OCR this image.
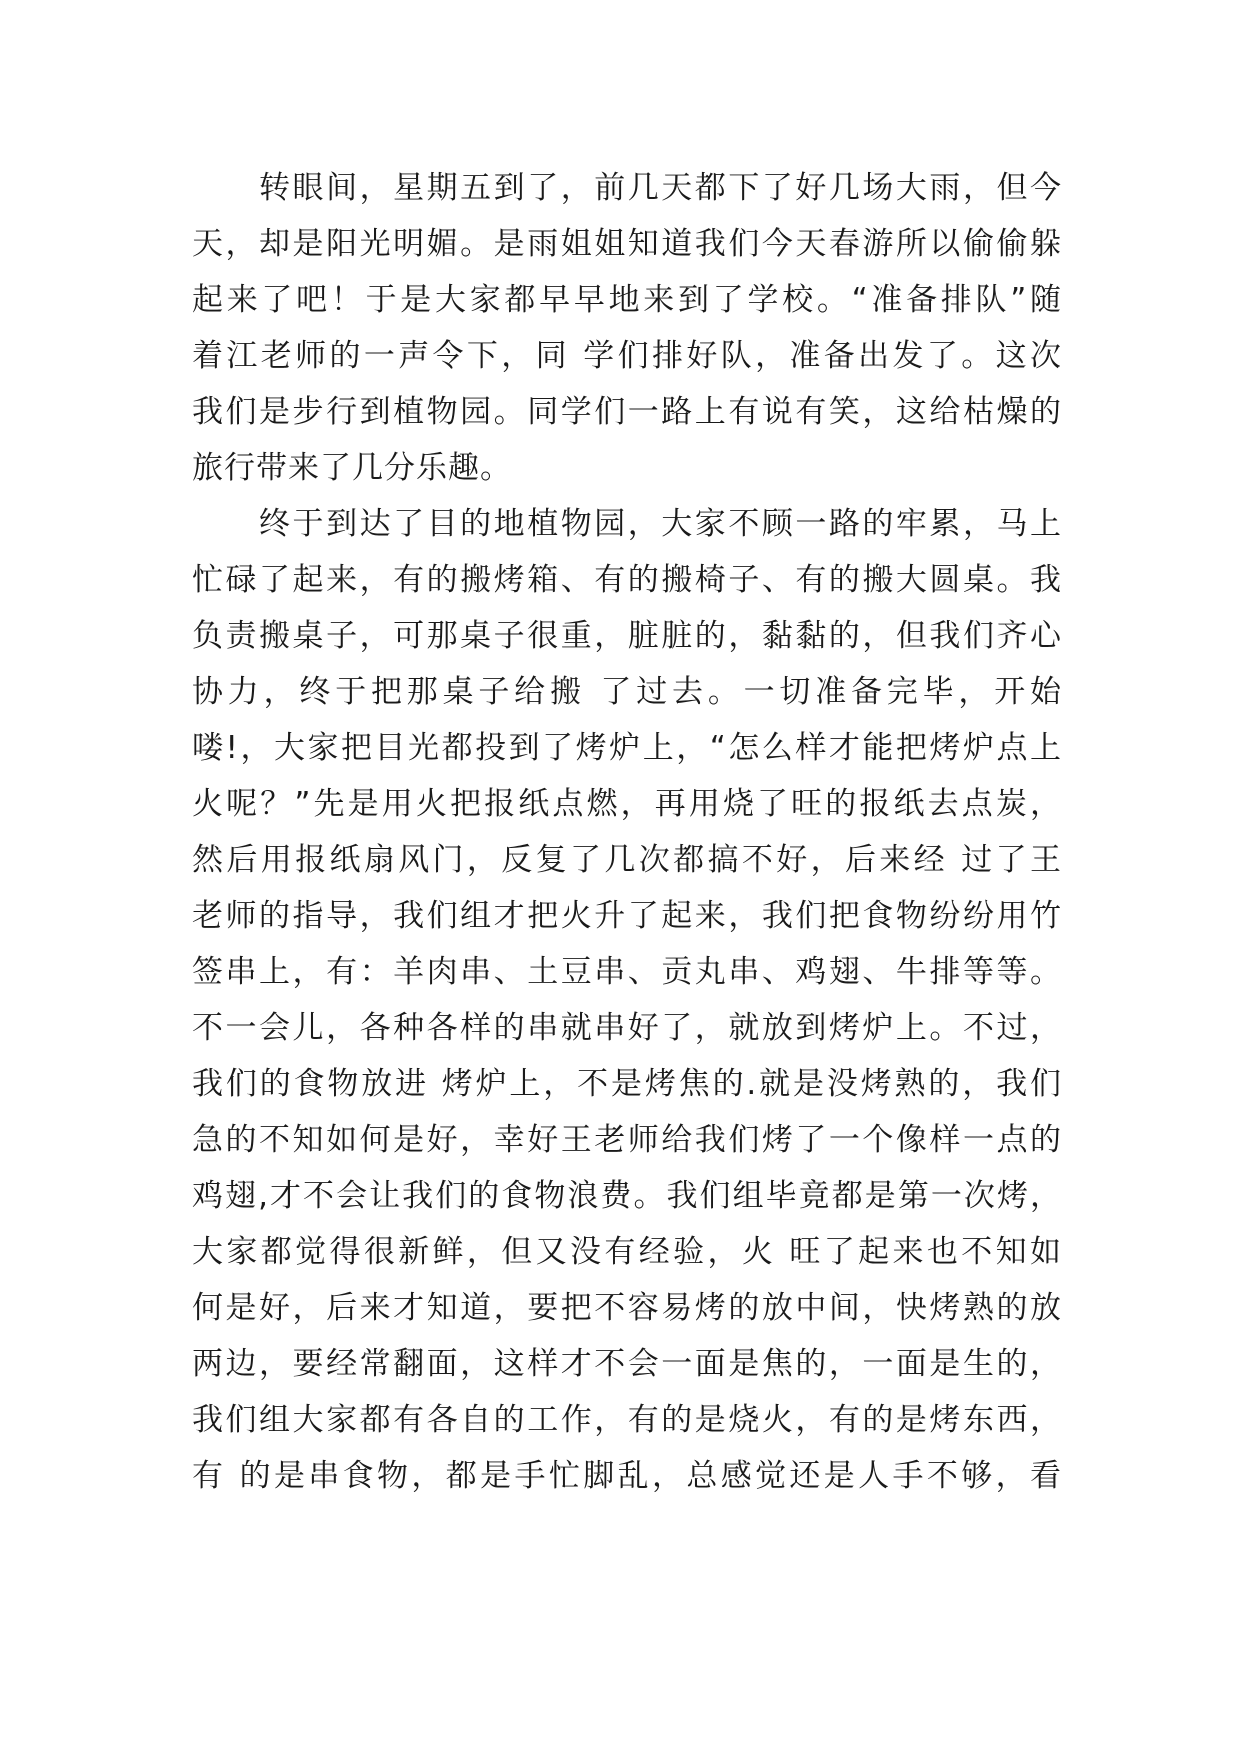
　　转眼间，星期五到了，前几天都下了好几场大雨，但今
天，却是阳光明媚。是雨姐姐知道我们今天春游所以偷偷躲
起来了吧！于是大家都早早地来到了学校。“准备排队”随
着江老师的一声令下，同 学们排好队，准备出发了。这次
我们是步行到植物园。同学们一路上有说有笑，这给枯燥的
旅行带来了几分乐趣。
　　终于到达了目的地植物园，大家不顾一路的牢累，马上
忙碌了起来，有的搬烤箱、有的搬椅子、有的搬大圆桌。我
负责搬桌子，可那桌子很重，脏脏的，黏黏的，但我们齐心
协力，终于把那桌子给搬 了过去。一切准备完毕，开始
喽!，大家把目光都投到了烤炉上，“怎么样才能把烤炉点上
火呢？”先是用火把报纸点燃，再用烧了旺的报纸去点炭，
然后用报纸扇风门，反复了几次都搞不好，后来经 过了王
老师的指导，我们组才把火升了起来，我们把食物纷纷用竹
签串上，有：羊肉串、土豆串、贡丸串、鸡翅、牛排等等。
不一会儿，各种各样的串就串好了，就放到烤炉上。不过，
我们的食物放进 烤炉上，不是烤焦的.就是没烤熟的，我们
急的不知如何是好，幸好王老师给我们烤了一个像样一点的
鸡翅,才不会让我们的食物浪费。我们组毕竟都是第一次烤，
大家都觉得很新鲜，但又没有经验，火 旺了起来也不知如
何是好，后来才知道，要把不容易烤的放中间，快烤熟的放
两边，要经常翻面，这样才不会一面是焦的，一面是生的，
我们组大家都有各自的工作，有的是烧火，有的是烤东西，
有 的是串食物，都是手忙脚乱，总感觉还是人手不够，看
